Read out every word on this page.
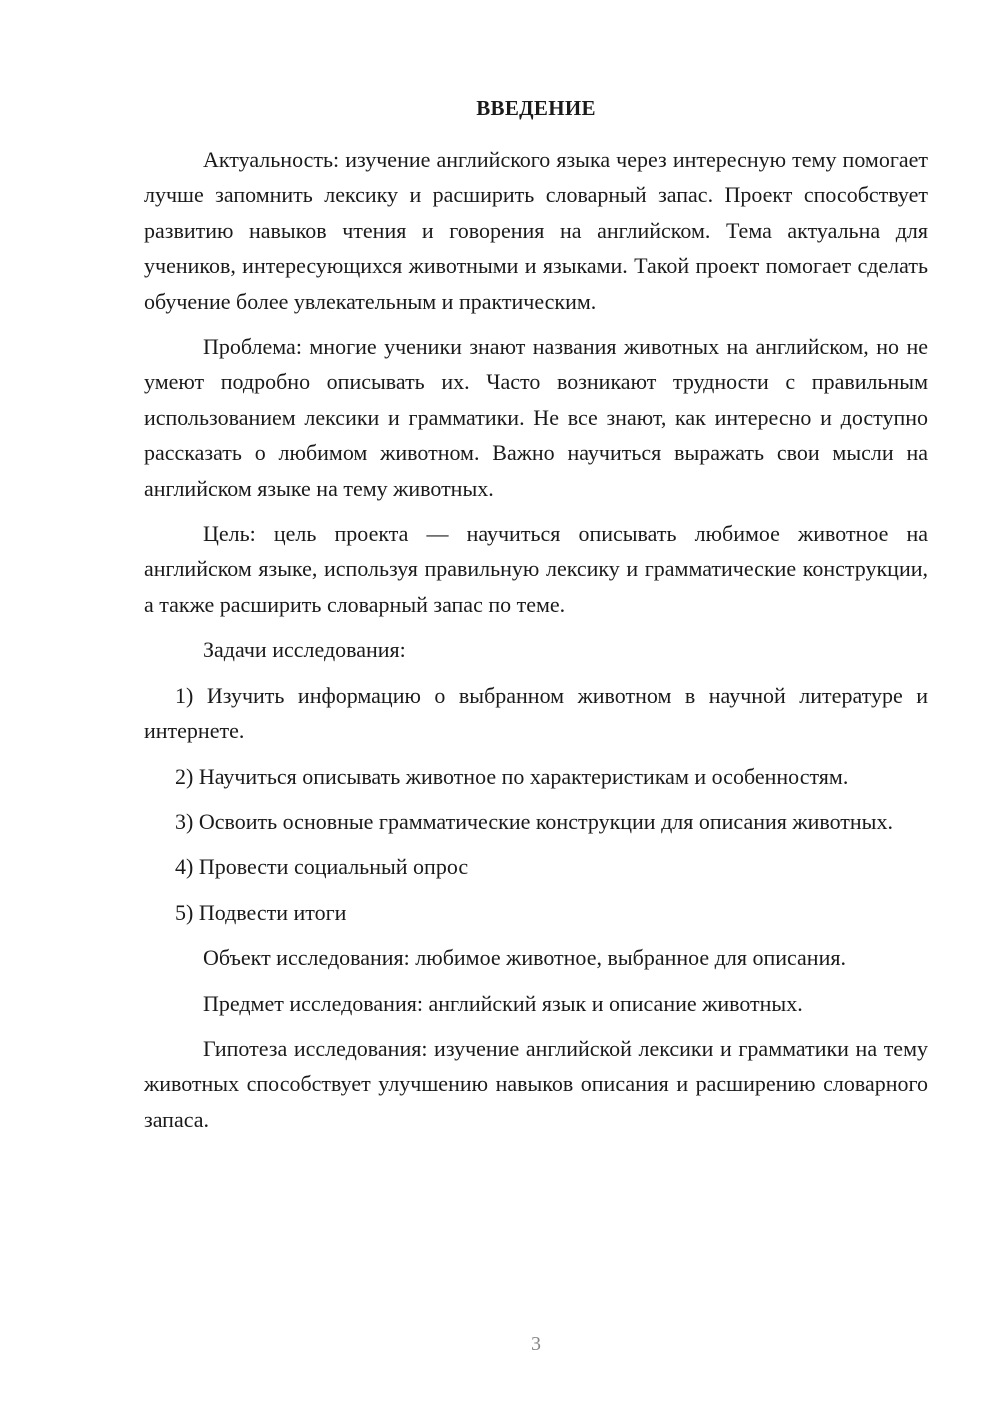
ВВЕДЕНИЕ

Актуальность: изучение английского языка через интересную тему помогает лучше запомнить лексику и расширить словарный запас. Проект способствует развитию навыков чтения и говорения на английском. Тема актуальна для учеников, интересующихся животными и языками. Такой проект помогает сделать обучение более увлекательным и практическим.

Проблема: многие ученики знают названия животных на английском, но не умеют подробно описывать их. Часто возникают трудности с правильным использованием лексики и грамматики. Не все знают, как интересно и доступно рассказать о любимом животном. Важно научиться выражать свои мысли на английском языке на тему животных.

Цель: цель проекта — научиться описывать любимое животное на английском языке, используя правильную лексику и грамматические конструкции, а также расширить словарный запас по теме.

Задачи исследования:

1) Изучить информацию о выбранном животном в научной литературе и интернете.

2) Научиться описывать животное по характеристикам и особенностям.

3) Освоить основные грамматические конструкции для описания животных.

4) Провести социальный опрос

5) Подвести итоги

Объект исследования: любимое животное, выбранное для описания.

Предмет исследования: английский язык и описание животных.

Гипотеза исследования: изучение английской лексики и грамматики на тему животных способствует улучшению навыков описания и расширению словарного запаса.

3
